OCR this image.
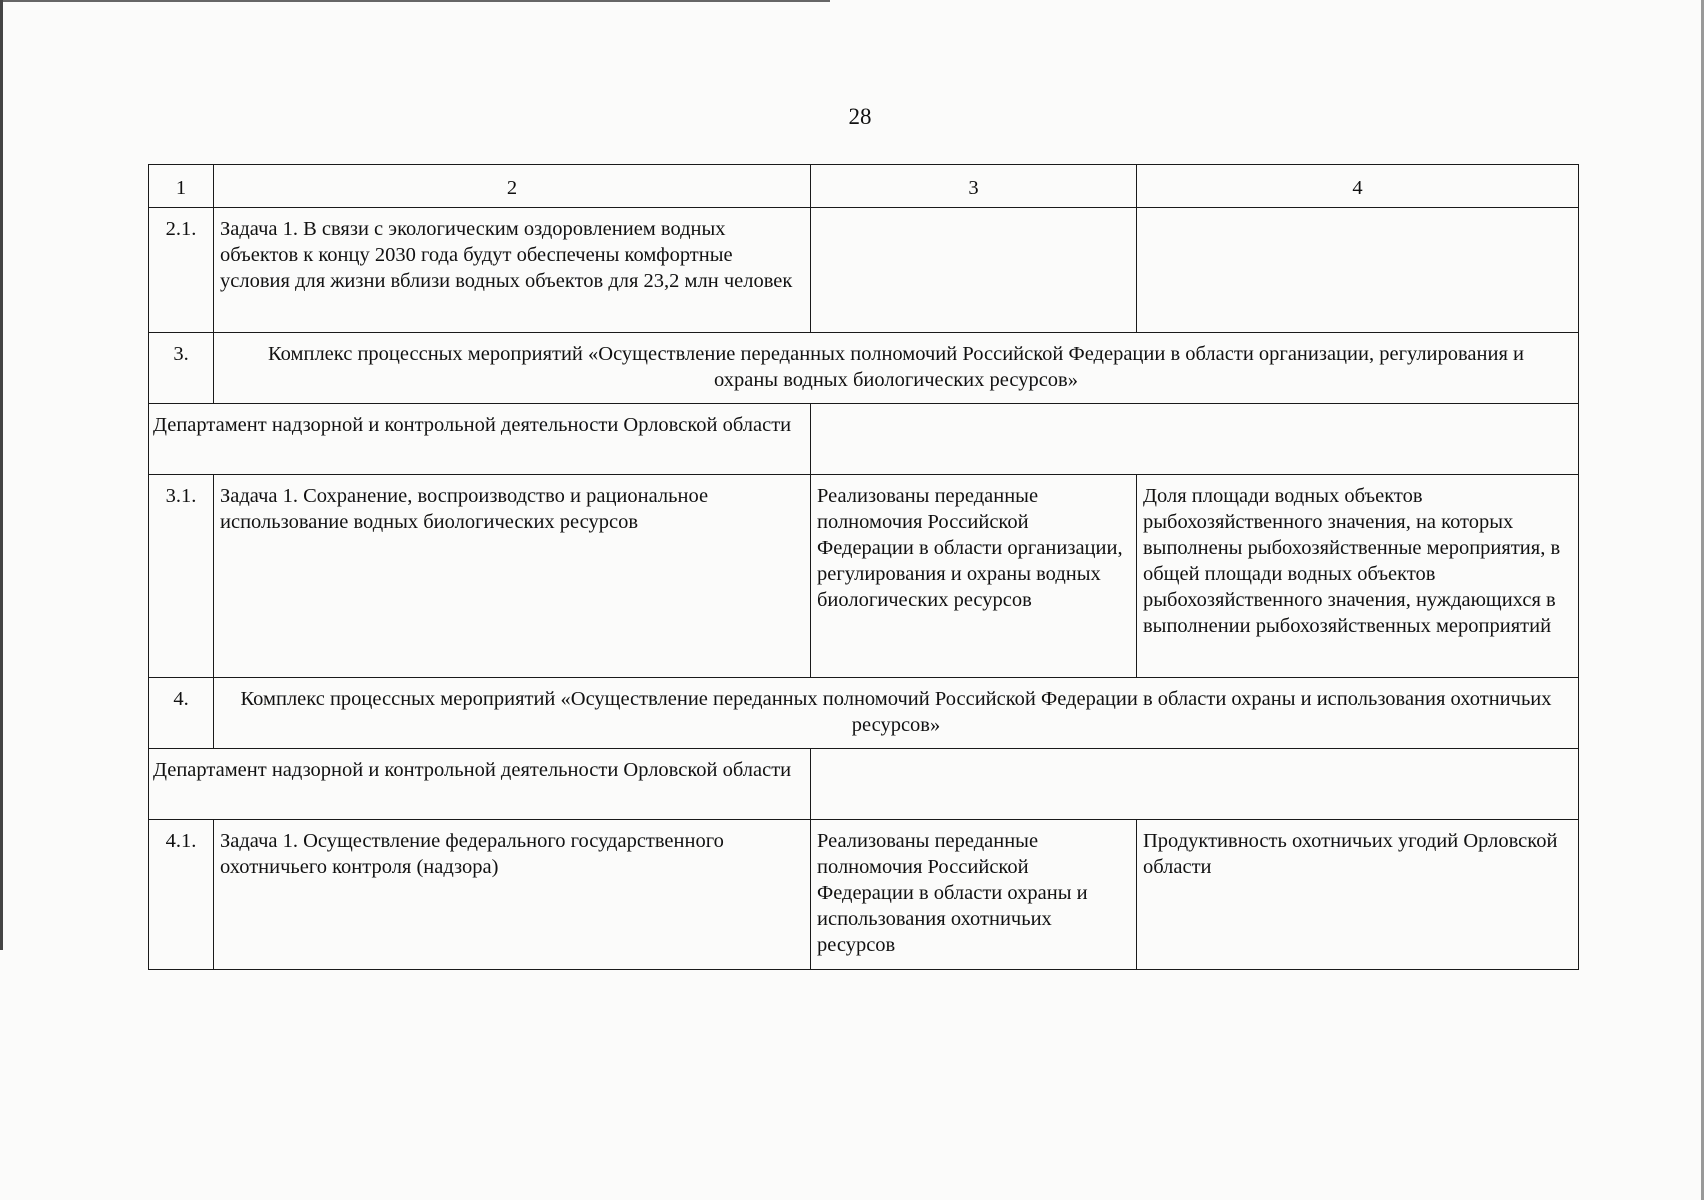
28
1	2	3	4
2.1.	Задача 1. В связи с экологическим оздоровлением водных объектов к концу 2030 года будут обеспечены комфортные условия для жизни вблизи водных объектов для 23,2 млн человек		
3.	Комплекс процессных мероприятий «Осуществление переданных полномочий Российской Федерации в области организации, регулирования и охраны водных биологических ресурсов»		
Департамент надзорной и контрольной деятельности Орловской области			
3.1.	Задача 1. Сохранение, воспроизводство и рациональное использование водных биологических ресурсов	Реализованы переданные полномочия Российской Федерации в области организации, регулирования и охраны водных биологических ресурсов	Доля площади водных объектов рыбохозяйственного значения, на которых выполнены рыбохозяйственные мероприятия, в общей площади водных объектов рыбохозяйственного значения, нуждающихся в выполнении рыбохозяйственных мероприятий
4.	Комплекс процессных мероприятий «Осуществление переданных полномочий Российской Федерации в области охраны и использования охотничьих ресурсов»		
Департамент надзорной и контрольной деятельности Орловской области			
4.1.	Задача 1. Осуществление федерального государственного охотничьего контроля (надзора)	Реализованы переданные полномочия Российской Федерации в области охраны и использования охотничьих ресурсов	Продуктивность охотничьих угодий Орловской области
